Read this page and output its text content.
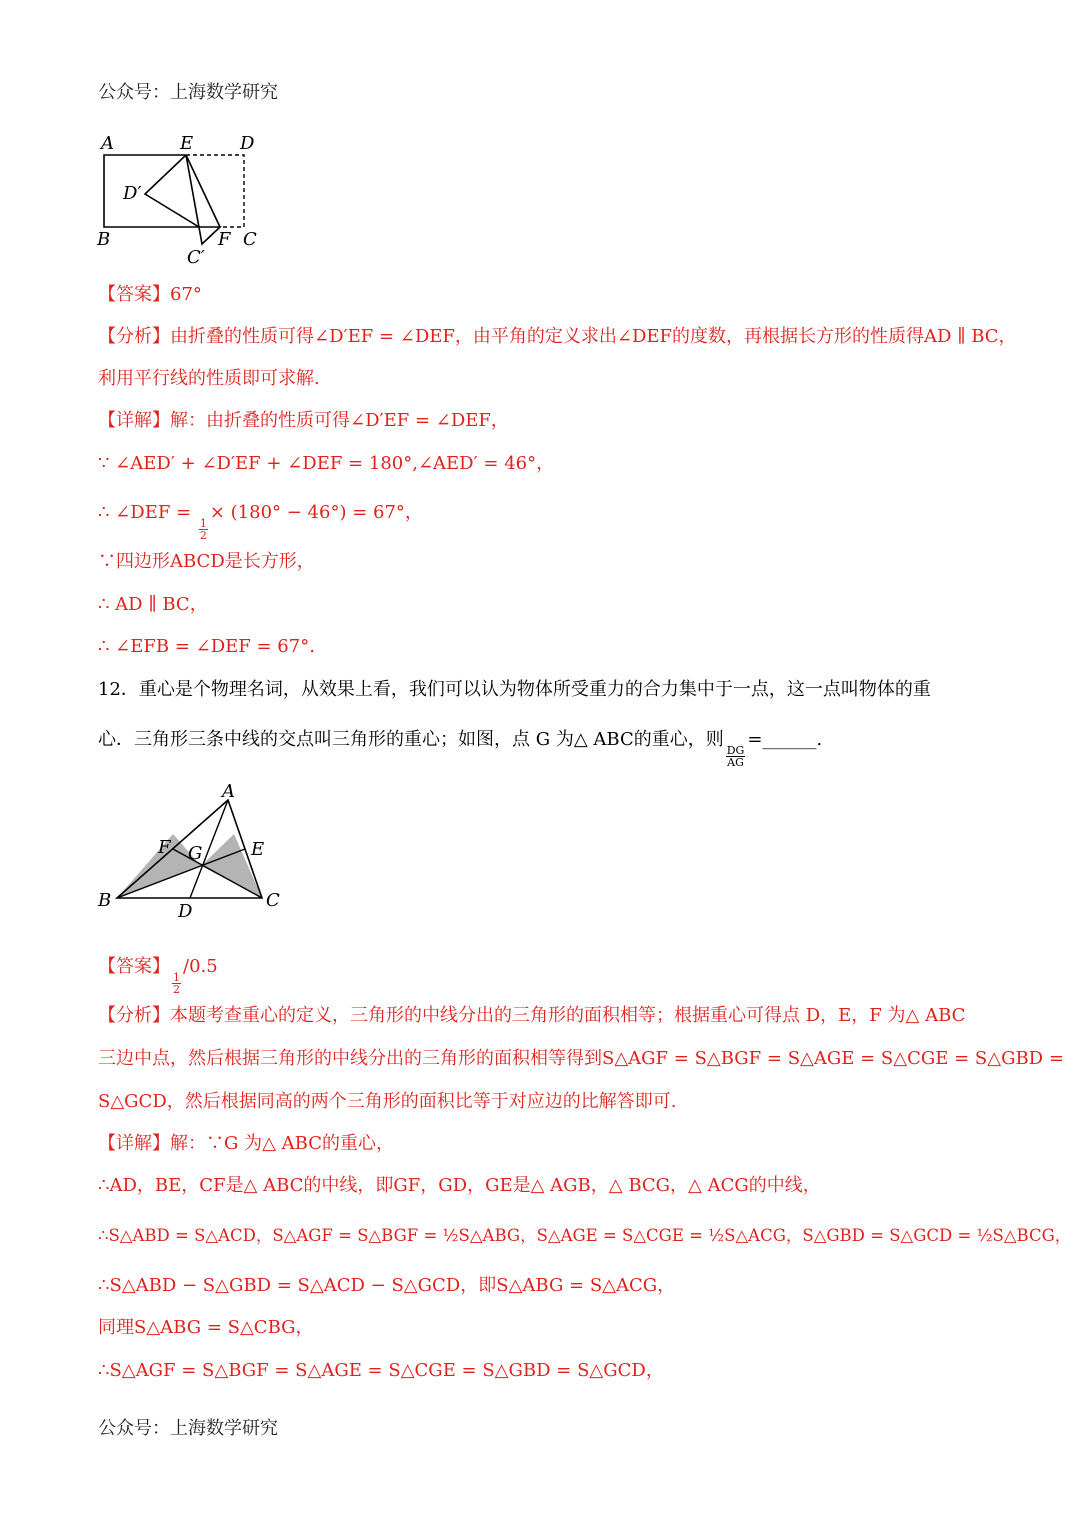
公众号：上海数学研究
A	E	D
D′
B	F C
C′
【答案】67°
【分析】由折叠的性质可得∠D′EF = ∠DEF，由平角的定义求出∠DEF的度数，再根据长方形的性质得AD ∥ BC，
利用平行线的性质即可求解.
【详解】解：由折叠的性质可得∠D′EF = ∠DEF，
∵ ∠AED′ + ∠D′EF + ∠DEF = 180°,∠AED′ = 46°，
∴ ∠DEF =
$\frac{1}{2}$
× (180° − 46°) = 67°，
∵四边形ABCD是长方形，
∴ AD ∥ BC，
∴ ∠EFB = ∠DEF = 67°.
12．重心是个物理名词，从效果上看，我们可以认为物体所受重力的合力集中于一点，这一点叫物体的重
心．三角形三条中线的交点叫三角形的重心；如图，点 G 为△ ABC的重心，则
$\frac{DG}{AG}$
=______.
A
F G	E
B
D
C
【答案】
$\frac{1}{2}$
/0.5
【分析】本题考查重心的定义，三角形的中线分出的三角形的面积相等；根据重心可得点 D，E，F 为△ ABC
三边中点，然后根据三角形的中线分出的三角形的面积相等得到S△AGF = S△BGF = S△AGE = S△CGE = S△GBD =
S△GCD，然后根据同高的两个三角形的面积比等于对应边的比解答即可.
【详解】解：∵G 为△ ABC的重心，
∴AD，BE，CF是△ ABC的中线，即GF，GD，GE是△ AGB，△ BCG，△ ACG的中线，
∴S△ABD = S△ACD，S△AGF = S△BGF = ½S△ABG，S△AGE = S△CGE = ½S△ACG，S△GBD = S△GCD = ½S△BCG，
∴S△ABD − S△GBD = S△ACD − S△GCD，即S△ABG = S△ACG，
同理S△ABG = S△CBG，
∴S△AGF = S△BGF = S△AGE = S△CGE = S△GBD = S△GCD，
公众号：上海数学研究
